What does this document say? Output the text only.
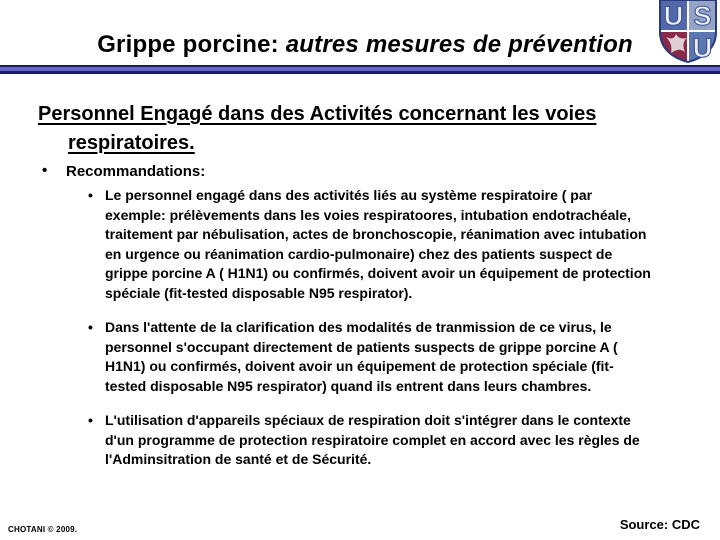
Grippe porcine: autres mesures de prévention
U S
U
Personnel Engagé dans des Activités concernant les voies respiratoires.
• Recommandations:
• Le personnel engagé dans des activités liés au système respiratoire ( par exemple: prélèvements dans les voies respiratoores, intubation endotrachéale, traitement par nébulisation, actes de bronchoscopie, réanimation avec intubation en urgence ou réanimation cardio-pulmonaire) chez des patients suspect de grippe porcine A ( H1N1) ou confirmés, doivent avoir un équipement de protection spéciale (fit-tested disposable N95 respirator).
• Dans l'attente de la clarification des modalités de tranmission de ce virus, le personnel s'occupant directement de patients suspects de grippe porcine A ( H1N1) ou confirmés, doivent avoir un équipement de protection spéciale (fit-tested disposable N95 respirator) quand ils entrent dans leurs chambres.
• L'utilisation d'appareils spéciaux de respiration doit s'intégrer dans le contexte d'un programme de protection respiratoire complet en accord avec les règles de l'Adminsitration de santé et de Sécurité.
CHOTANI © 2009.	Source: CDC
